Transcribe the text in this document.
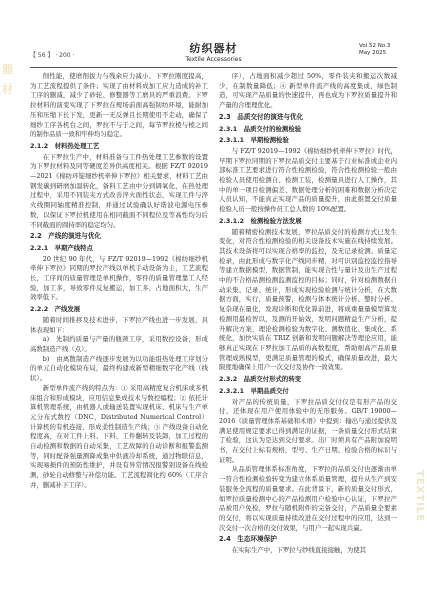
器 材
TEXTILE
【 56 】 · 200 ·
纺织器材
Textile Accessories
Vol.52 No.3
May 2025

削性能，使磨削拔力与残余应力减小、下罗拉刚度提高，为工艺流程提供了条件；实现了由材料成加工应力造成的补工工序的删减，减少了砂轮、修整器等工磨具的严重浪费。下罗拉材料的演变实现了下罗拉在规场前面高强韧纺环境，能耐加压和压缩下长下发，更新一无反弹且长期使用不走动，确保了细纱工序各机台之间，罗拉不与于之间，每节罗拉棱与棱之间的制作品质一致和牢伸均匀稳定。

2.1.2　材料热处理工艺

在下罗拉生产中，材料准备与工件热处理工艺参数的设置为下罗拉材料及同等硬度差异供高度相关。根据 FZ/T 92019—2021《棉纺环锭细纱机牵伸下罗拉》相关要求，材料工艺由钢发碳到研磨加温转化，备料工艺由中分到调氧化，在热处理过程中，采用不同装夹方式改善淬火面性状态，实现工件与淬火线圈同轴度精准控制，并通过试验确认好谐波电源电压参数，以保证下罗拉机使用在相同截面不同程位及等高性均匀后不同截面的圆持率的稳定均匀。

2.2　产线的演进与优化
2.2.1　早期产线特点

20 世纪 90 年代，与 FZ/T 92019—1992《棉纺细纱机牵伸下罗拉》同期的罗拉产线以单机手动设备为主，工艺流程长，工序间的质量管理是单机操作，零件的质量管理靠工人经验，加工多，导致零件反复搬运，加工多，占地面积大，生产效率低下。

2.2.2　产线发展

随着时间推移及技术进步，下罗拉产线也进一步发展，具体表现如下：

a)　先制约质量与产量的瓶颈工序，采用数控设备，形成高数制造产线（点）。

b)　由离散制造产线逐步发展为以功能组热处理工序划分的单元自动化模块布局，最终构建成新型精细数字化产线（线状）。

新型单件流产线的特点为：① 采用高精度复合机床或多机床组合和形成模块，应用信息集成技术与数控编程；② 依托计算机管理系统，由机器人或输送装置实现机床、机床与生产单元分布式数控（DNC，Distributed Numerical Control）计算机的有机连接，形成柔性制造生产线；③ 产线设备自动化程度高，在对工件上料、下料、工件翻转及装卸，加工过程的自动检测和数据的自动采集，工艺故障的自动诊断和报警监测等，同时配备强量测降成集中供液冷却系统，通过物联信息，实现易损件的预防性维护，并设有异常情况报警别设备在线检测，砂轮自动修整与补偿功能。工艺流程简化约 60%（工序合并，删减补下工序）。

序），占地面积减少超过 50%，零件装夹和搬运次数减少，在制数量降低；④ 新型单件流产线的高度集成、绿色制造，可实现产品质量的快速提升，再也成为下罗拉质量提升和产量的合理理优化。

2.3　品质交付的演进与优化
2.3.1　品质交付的检测检验
2.3.1.1　早期检测检验

与 FZ/T 92019—1992《棉纺细纱机牵伸下罗拉》时代，早期下罗拉同期的下罗拉品质交付主要基于行业标准或企业内部标准工艺要求进行符合性检测检验，符合性检测检验一般由检验人员使用检测自、检测工装，检测量具进行人工操作，其中的单一项目检测偏差、数据处理分析的困难和数据分析决定人员认知，不能真正实现产品的质量提升，由此推置交付质量检验人员一般按操作员工总人数的 10%配置。

2.3.1.2　检测检验方法发展

随着精密检测技术发展，罗拉品质交付的检测方式已发生变化，对符合性检测检验的相关设备技术实施在线持续发展。其技术设备将可以实现合格率的监控，及无记录检测、质量定检录，由此形成与数字化产线同步精，对可识别监控监控指导等建立数据模型，数据管制，能实现合性与量计及出生产过程中的不合格品测检测监测监控的目标；同时，针对检测数据自动采集、记录、统计，形成实现检验检测与统计分析，在大数据方面，实行，质量预警，检测与体本统计分析、整时分析、复杂现在量化，发现诊断和优化算前进，将成重量量模型算发检测用最检智以，及测的开始效，发明问题精益生产分析，提升解决方案，理论检测检验为数字化、测数值化、集成化、系统化，加快实质在 TRIZ 创新和发明问题解决等理论应用，能够真正实现在下罗拉加工品质的高数程度，帮助细高产品质量管理成熟模型，更满足质量管理的模式，确保质量改进，最大限度地确保上用户一次交付及协作一致效果。

2.3.2　品质交付形式的转变
2.3.2.1　早期品质交付

对产品的传统质量，下罗拉品质交付仅是有形产品的交付，还体现在用户使用体验中的无形服务。GB/T 19000—2016《质量管理体系基础和术语》中提到：输出与通过提供及满足使用规定要求已得到满足的证据，一条质量交付形式结束了检验，这认为是达到交付要求。出厂时须具有产品附加说明书，在交付上标有规格，型号、生产日期、检验合格的标识与证明。

从品质管理体系标准角度，下罗拉的品质交付也逐渐由单一符合性检测检验转变为建立体系质量管理，提升从生产到安装服务全流程的质量要求。在此背景下，新的质量交付形式，如罗拉质量检测中心的产品检测用户检验中心认证，下罗拉产品被用户免检，罗拉与随机附件的完备交付，产品质量全要素的交付，将以实现质量持续改进在交付过程中的应用，达到一次交付一次合格的交付效果，与用户一起实现共赢。

2.4　生态环境保护

在实际生产中，下罗拉与纱线直接接触，为使其
